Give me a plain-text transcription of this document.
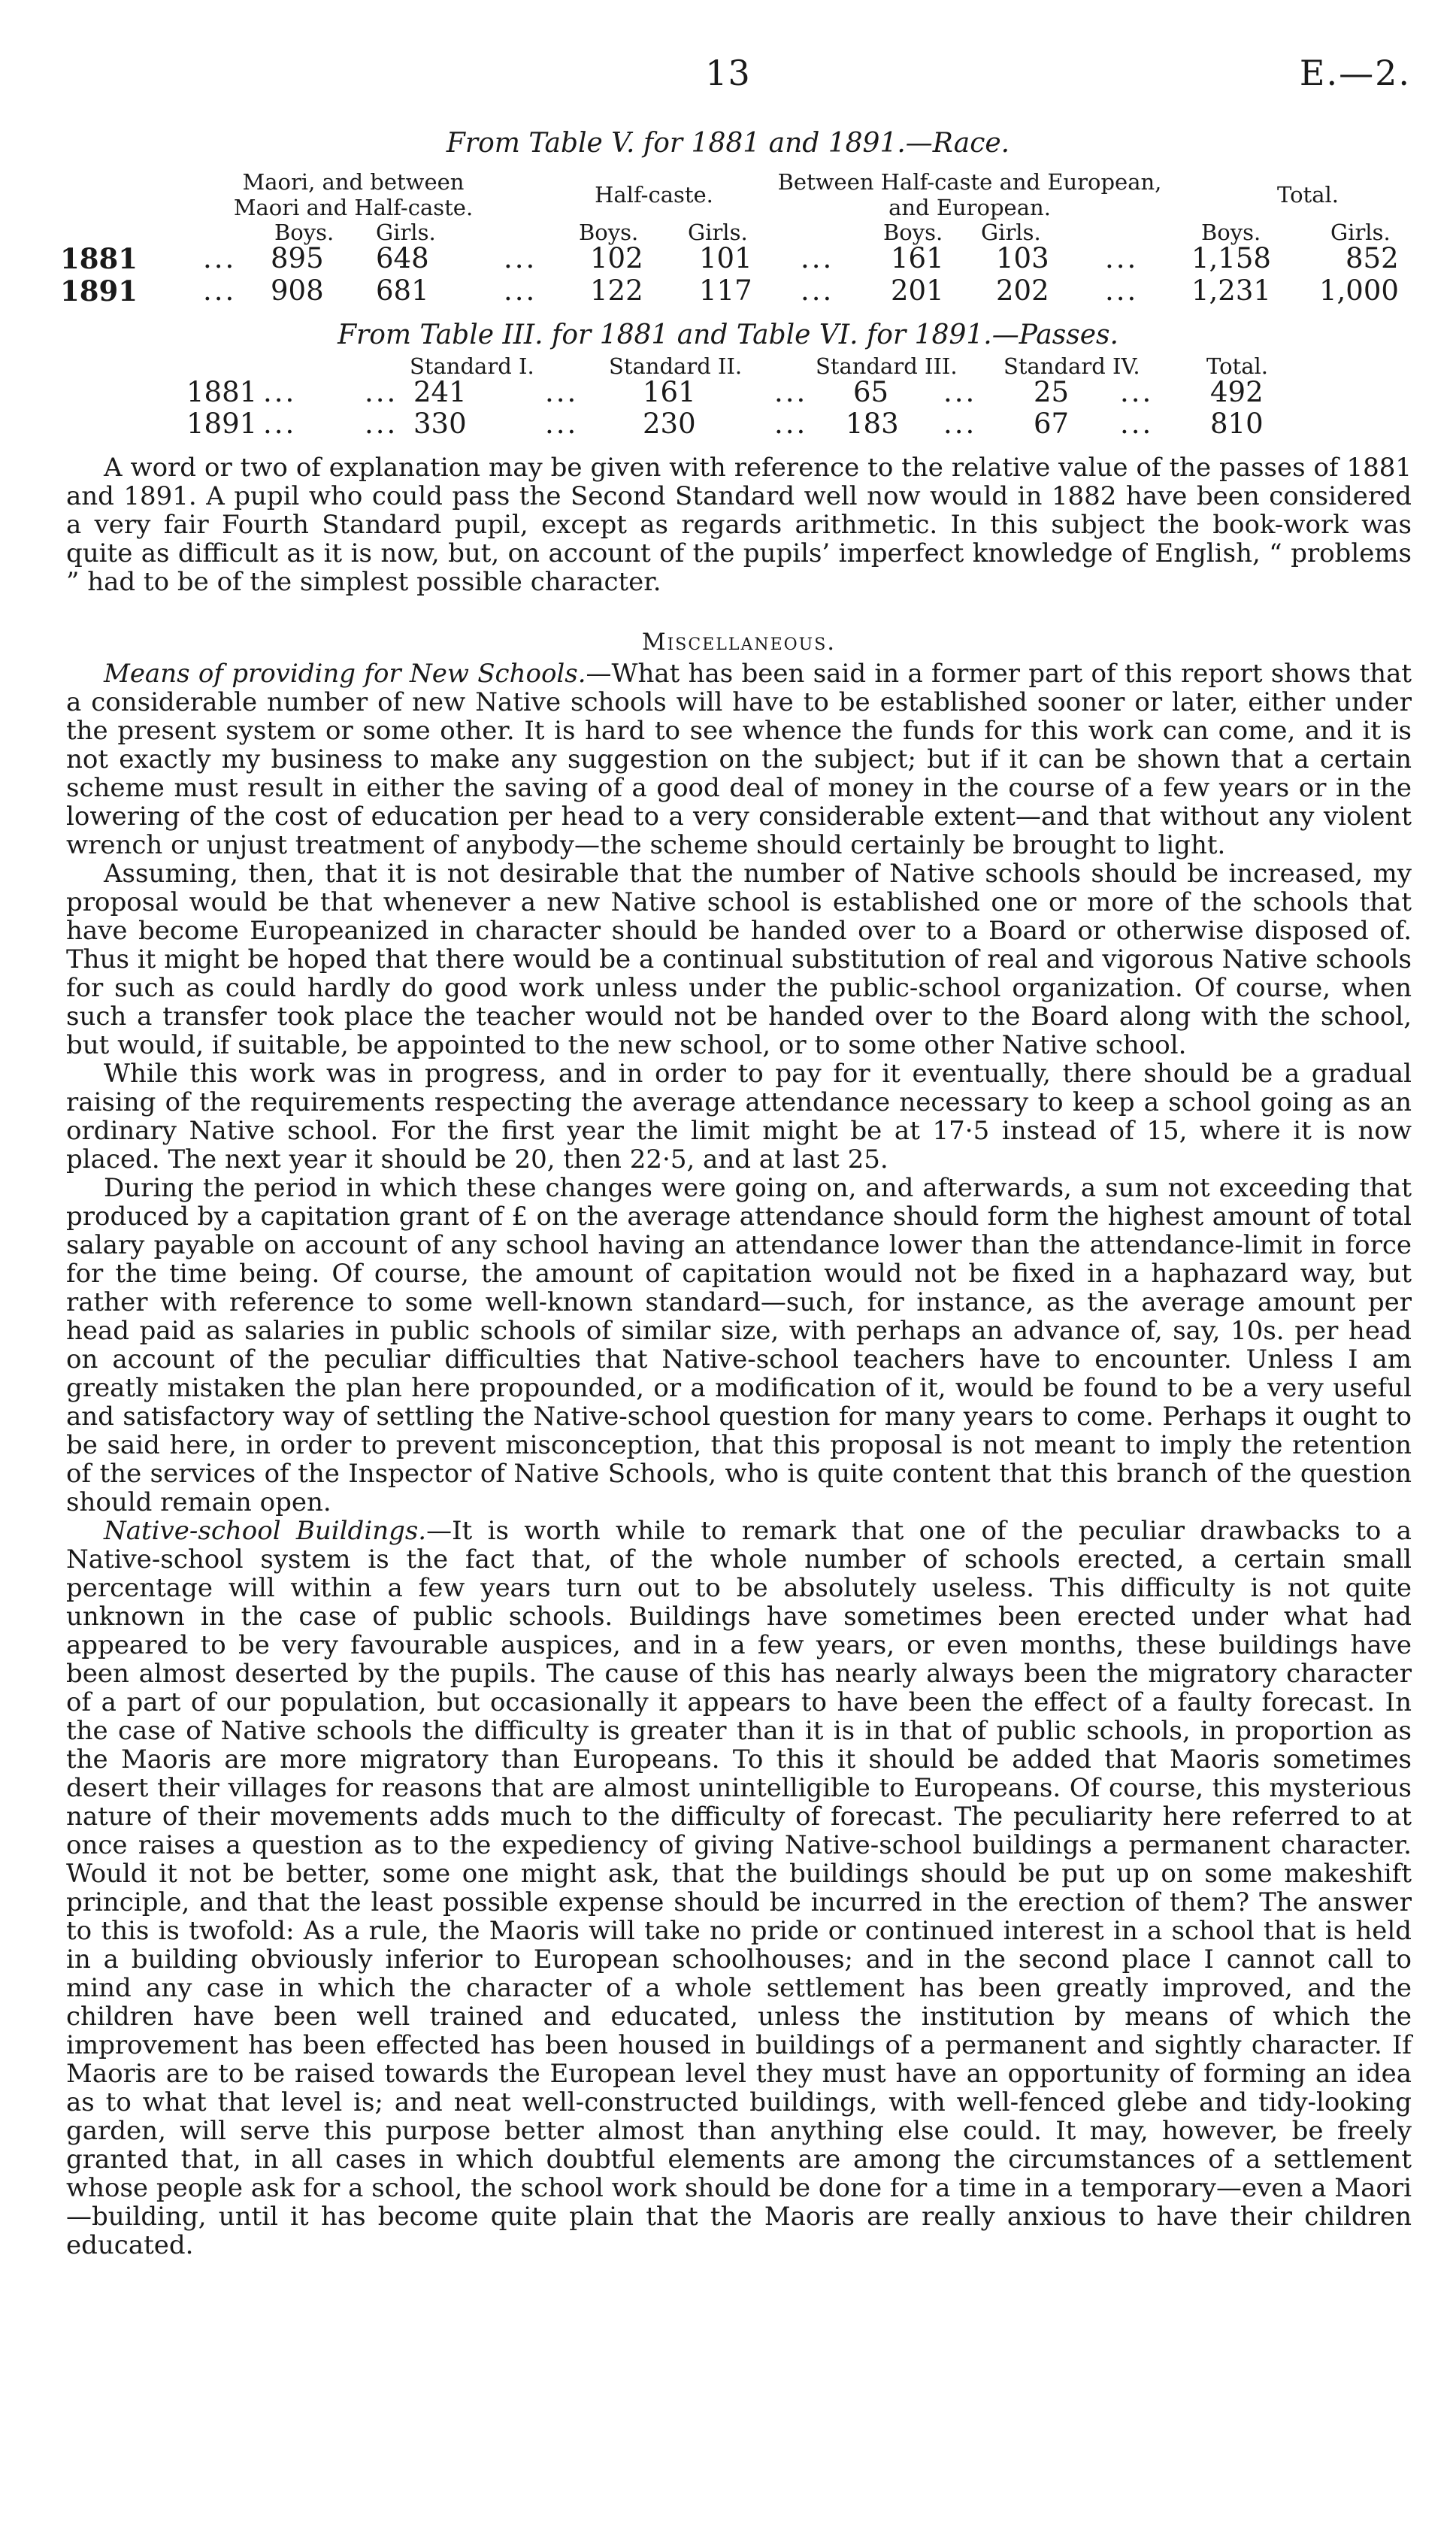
13	E.—2.
From Table V. for 1881 and 1891.—Race.
Maori, and between Maori and Half-caste.	Half-caste.	Between Half-caste and European, and European.	Total.
Boys. Girls.	Boys. Girls.	Boys. Girls.	Boys.	Girls.
1881 ... 895 648	... 102 101 ... 161 103 ... 1,158	852
1891 ... 908 681	... 122 117 ... 201 202 ... 1,231 1,000
From Table III. for 1881 and Table VI. for 1891.—Passes.
Standard I.	Standard II.	Standard III. Standard IV.	Total.
1881 ... ... 241	... 161	... 65 ... 25 ... 492
1891 ... ... 330	... 230	... 183 ... 67 ... 810

A word or two of explanation may be given with reference to the relative value of the passes of 1881 and 1891. A pupil who could pass the Second Standard well now would in 1882 have been considered a very fair Fourth Standard pupil, except as regards arithmetic. In this subject the book-work was quite as difficult as it is now, but, on account of the pupils’ imperfect knowledge of English, “ problems ” had to be of the simplest possible character.

Miscellaneous.

Means of providing for New Schools.—What has been said in a former part of this report shows that a considerable number of new Native schools will have to be established sooner or later, either under the present system or some other. It is hard to see whence the funds for this work can come, and it is not exactly my business to make any suggestion on the subject; but if it can be shown that a certain scheme must result in either the saving of a good deal of money in the course of a few years or in the lowering of the cost of education per head to a very considerable extent—and that without any violent wrench or unjust treatment of anybody—the scheme should certainly be brought to light.

Assuming, then, that it is not desirable that the number of Native schools should be increased, my proposal would be that whenever a new Native school is established one or more of the schools that have become Europeanized in character should be handed over to a Board or otherwise disposed of. Thus it might be hoped that there would be a continual substitution of real and vigorous Native schools for such as could hardly do good work unless under the public-school organization. Of course, when such a transfer took place the teacher would not be handed over to the Board along with the school, but would, if suitable, be appointed to the new school, or to some other Native school.

While this work was in progress, and in order to pay for it eventually, there should be a gradual raising of the requirements respecting the average attendance necessary to keep a school going as an ordinary Native school. For the first year the limit might be at 17·5 instead of 15, where it is now placed. The next year it should be 20, then 22·5, and at last 25.

During the period in which these changes were going on, and afterwards, a sum not exceeding that produced by a capitation grant of £ on the average attendance should form the highest amount of total salary payable on account of any school having an attendance lower than the attendance-limit in force for the time being. Of course, the amount of capitation would not be fixed in a haphazard way, but rather with reference to some well-known standard—such, for instance, as the average amount per head paid as salaries in public schools of similar size, with perhaps an advance of, say, 10s. per head on account of the peculiar difficulties that Native-school teachers have to encounter. Unless I am greatly mistaken the plan here propounded, or a modification of it, would be found to be a very useful and satisfactory way of settling the Native-school question for many years to come. Perhaps it ought to be said here, in order to prevent misconception, that this proposal is not meant to imply the retention of the services of the Inspector of Native Schools, who is quite content that this branch of the question should remain open.

Native-school Buildings.—It is worth while to remark that one of the peculiar drawbacks to a Native-school system is the fact that, of the whole number of schools erected, a certain small percentage will within a few years turn out to be absolutely useless. This difficulty is not quite unknown in the case of public schools. Buildings have sometimes been erected under what had appeared to be very favourable auspices, and in a few years, or even months, these buildings have been almost deserted by the pupils. The cause of this has nearly always been the migratory character of a part of our population, but occasionally it appears to have been the effect of a faulty forecast. In the case of Native schools the difficulty is greater than it is in that of public schools, in proportion as the Maoris are more migratory than Europeans. To this it should be added that Maoris sometimes desert their villages for reasons that are almost unintelligible to Europeans. Of course, this mysterious nature of their movements adds much to the difficulty of forecast. The peculiarity here referred to at once raises a question as to the expediency of giving Native-school buildings a permanent character. Would it not be better, some one might ask, that the buildings should be put up on some makeshift principle, and that the least possible expense should be incurred in the erection of them? The answer to this is twofold: As a rule, the Maoris will take no pride or continued interest in a school that is held in a building obviously inferior to European schoolhouses; and in the second place I cannot call to mind any case in which the character of a whole settlement has been greatly improved, and the children have been well trained and educated, unless the institution by means of which the improvement has been effected has been housed in buildings of a permanent and sightly character. If Maoris are to be raised towards the European level they must have an opportunity of forming an idea as to what that level is; and neat well-constructed buildings, with well-fenced glebe and tidy-looking garden, will serve this purpose better almost than anything else could. It may, however, be freely granted that, in all cases in which doubtful elements are among the circumstances of a settlement whose people ask for a school, the school work should be done for a time in a temporary—even a Maori—building, until it has become quite plain that the Maoris are really anxious to have their children educated.
